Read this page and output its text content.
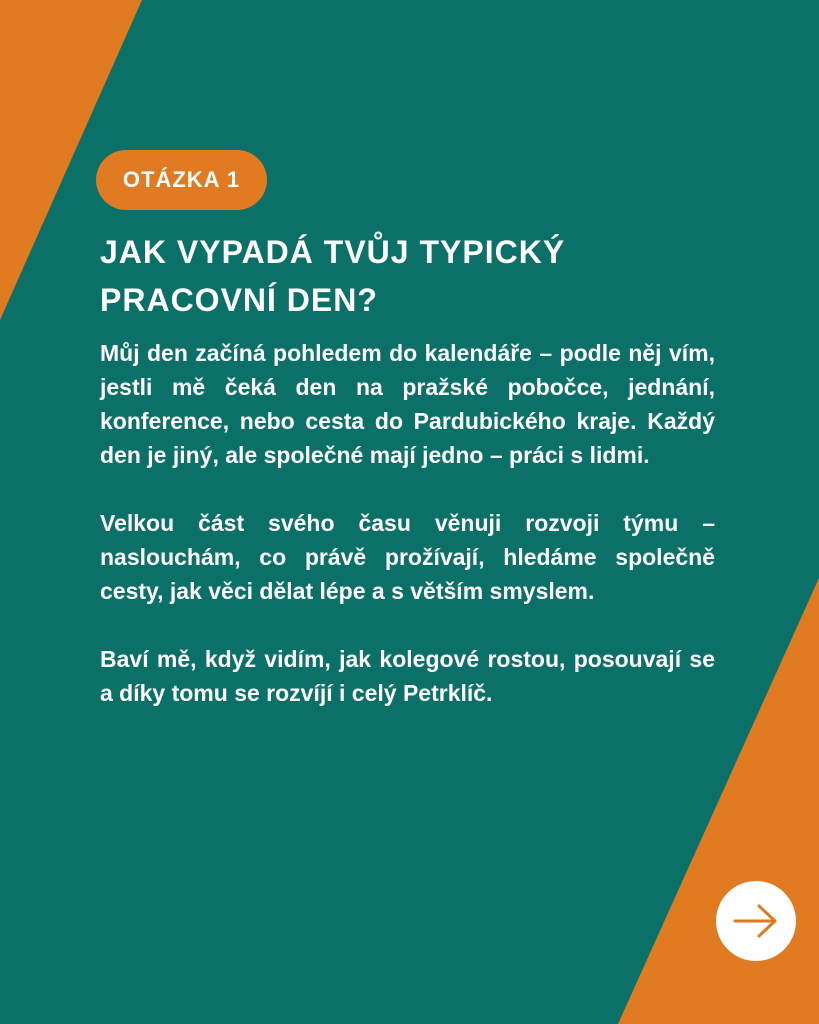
OTÁZKA 1
JAK VYPADÁ TVŮJ TYPICKÝ PRACOVNÍ DEN?

Můj den začíná pohledem do kalendáře – podle něj vím, jestli mě čeká den na pražské pobočce, jednání, konference, nebo cesta do Pardubického kraje. Každý den je jiný, ale společné mají jedno – práci s lidmi.

Velkou část svého času věnuji rozvoji týmu – naslouchám, co právě prožívají, hledáme společně cesty, jak věci dělat lépe a s větším smyslem.

Baví mě, když vidím, jak kolegové rostou, posouvají se a díky tomu se rozvíjí i celý Petrklíč.
